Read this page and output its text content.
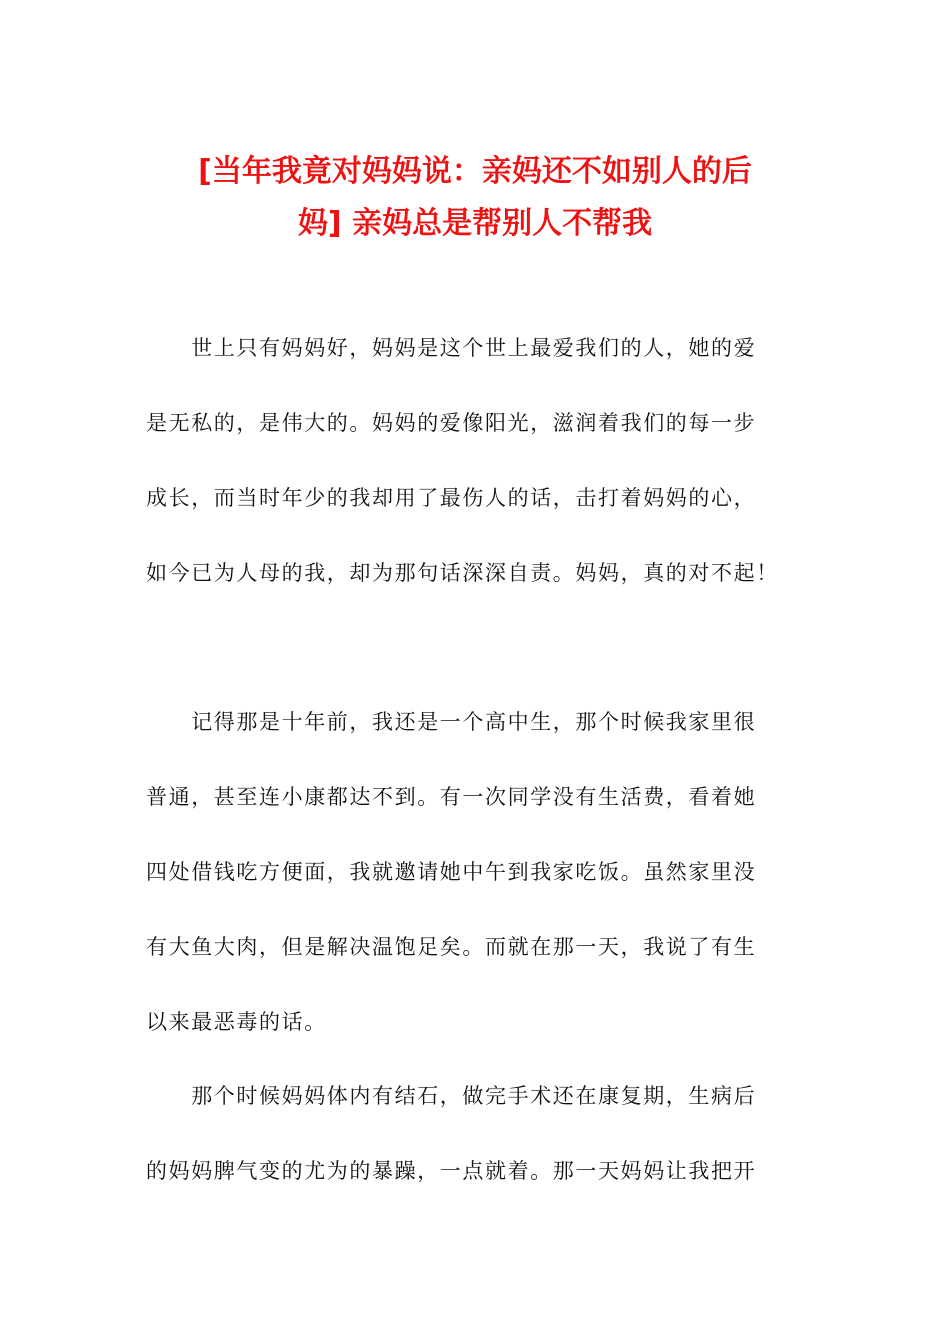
[当年我竟对妈妈说：亲妈还不如别人的后
妈] 亲妈总是帮别人不帮我

　　世上只有妈妈好，妈妈是这个世上最爱我们的人，她的爱
是无私的，是伟大的。妈妈的爱像阳光，滋润着我们的每一步
成长，而当时年少的我却用了最伤人的话，击打着妈妈的心，
如今已为人母的我，却为那句话深深自责。妈妈，真的对不起！

　　记得那是十年前，我还是一个高中生，那个时候我家里很
普通，甚至连小康都达不到。有一次同学没有生活费，看着她
四处借钱吃方便面，我就邀请她中午到我家吃饭。虽然家里没
有大鱼大肉，但是解决温饱足矣。而就在那一天，我说了有生
以来最恶毒的话。

　　那个时候妈妈体内有结石，做完手术还在康复期，生病后
的妈妈脾气变的尤为的暴躁，一点就着。那一天妈妈让我把开
